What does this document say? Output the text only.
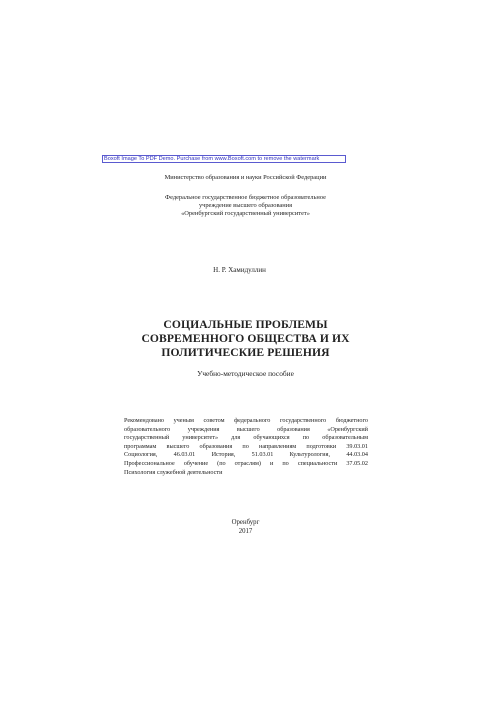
Boxoft Image To PDF Demo. Purchase from www.Boxoft.com to remove the watermark
Министерство образования и науки Российской Федерации
Федеральное государственное бюджетное образовательное
учреждение высшего образования
«Оренбургский государственный университет»
Н. Р. Хамидуллин
СОЦИАЛЬНЫЕ ПРОБЛЕМЫ
СОВРЕМЕННОГО ОБЩЕСТВА И ИХ
ПОЛИТИЧЕСКИЕ РЕШЕНИЯ
Учебно-методическое пособие
Рекомендовано ученым советом федерального государственного бюджетного
образовательного учреждения высшего образования «Оренбургский
государственный университет» для обучающихся по образовательным
программам высшего образования по направлениям подготовки 39.03.01
Социология, 46.03.01 История, 51.03.01 Культурология, 44.03.04
Профессиональное обучение (по отраслям) и по специальности 37.05.02
Психология служебной деятельности
Оренбург
2017
